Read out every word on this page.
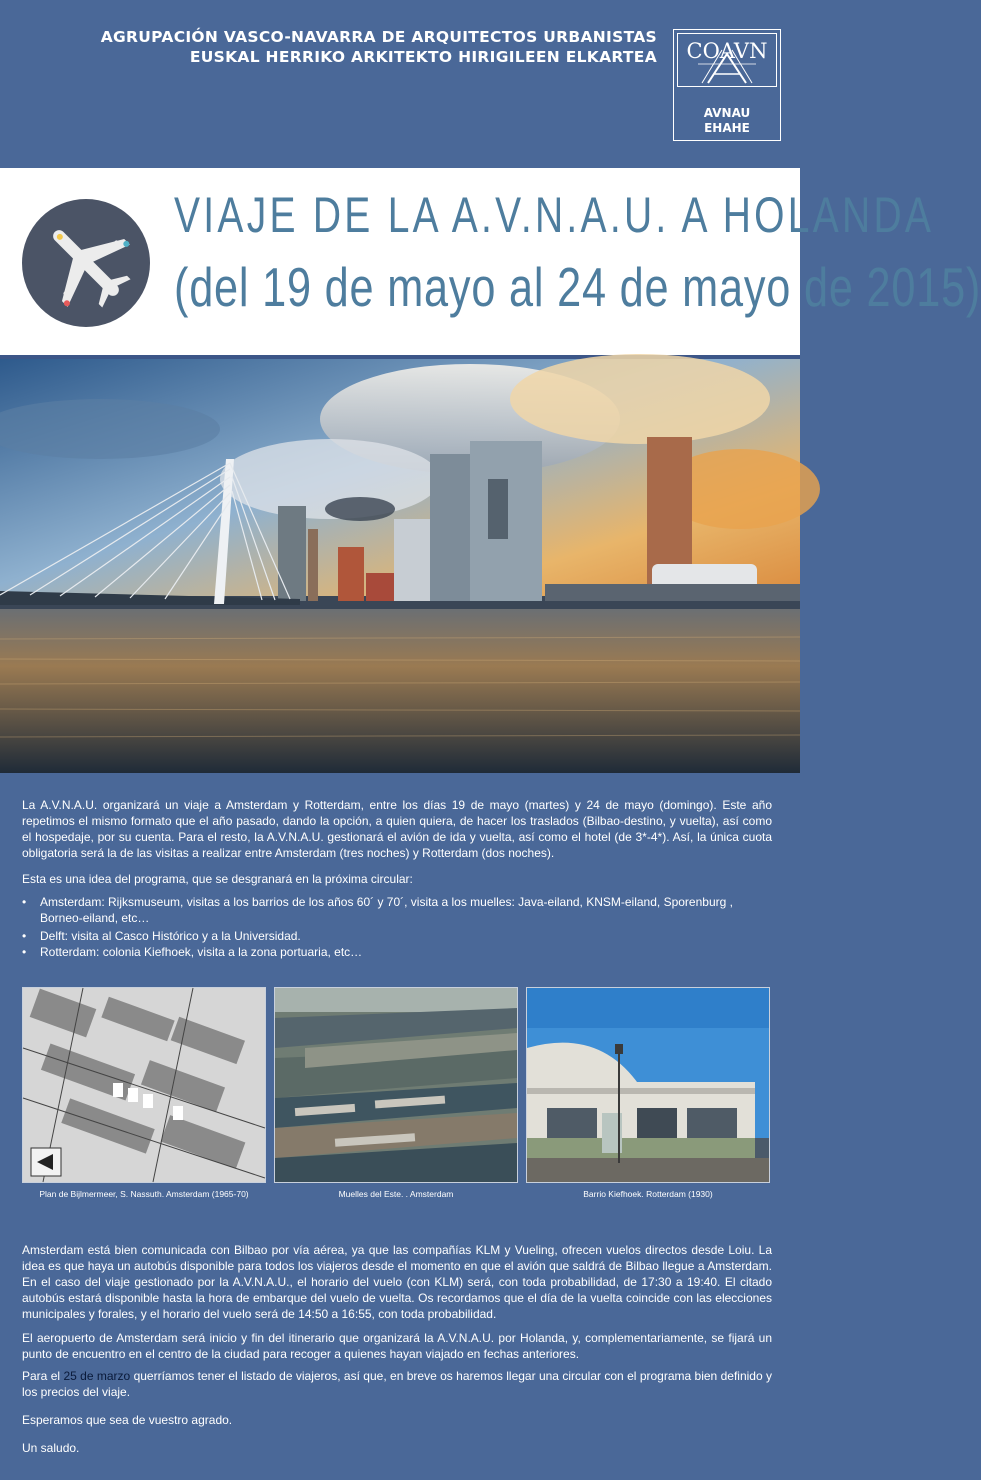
AGRUPACIÓN VASCO-NAVARRA DE ARQUITECTOS URBANISTAS
EUSKAL HERRIKO ARKITEKTO HIRIGILEEN ELKARTEA COAVN
AVNAU
EHAHE
VIAJE DE LA A.V.N.A.U. A HOLANDA
(del 19 de mayo al 24 de mayo de 2015)
La A.V.N.A.U. organizará un viaje a Amsterdam y Rotterdam, entre los días 19 de mayo (martes) y 24 de mayo (domingo). Este año repetimos el mismo formato que el año pasado, dando la opción, a quien quiera, de hacer los traslados (Bilbao-destino, y vuelta), así como el hospedaje, por su cuenta. Para el resto, la A.V.N.A.U. gestionará el avión de ida y vuelta, así como el hotel (de 3*-4*). Así, la única cuota obligatoria será la de las visitas a realizar entre Amsterdam (tres noches) y Rotterdam (dos noches).
Esta es una idea del programa, que se desgranará en la próxima circular:
• Amsterdam: Rijksmuseum, visitas a los barrios de los años 60´ y 70´, visita a los muelles: Java-eiland, KNSM-eiland, Sporenburg , Borneo-eiland, etc…
• Delft: visita al Casco Histórico y a la Universidad.
• Rotterdam: colonia Kiefhoek, visita a la zona portuaria, etc…
Plan de Bijlmermeer, S. Nassuth. Amsterdam (1965-70)	Muelles del Este. . Amsterdam	Barrio Kiefhoek. Rotterdam (1930)
Amsterdam está bien comunicada con Bilbao por vía aérea, ya que las compañías KLM y Vueling, ofrecen vuelos directos desde Loiu. La idea es que haya un autobús disponible para todos los viajeros desde el momento en que el avión que saldrá de Bilbao llegue a Amsterdam. En el caso del viaje gestionado por la A.V.N.A.U., el horario del vuelo (con KLM) será, con toda probabilidad, de 17:30 a 19:40. El citado autobús estará disponible hasta la hora de embarque del vuelo de vuelta. Os recordamos que el día de la vuelta coincide con las elecciones municipales y forales, y el horario del vuelo será de 14:50 a 16:55, con toda probabilidad.
El aeropuerto de Amsterdam será inicio y fin del itinerario que organizará la A.V.N.A.U. por Holanda, y, complementariamente, se fijará un punto de encuentro en el centro de la ciudad para recoger a quienes hayan viajado en fechas anteriores.
Para el 25 de marzo querríamos tener el listado de viajeros, así que, en breve os haremos llegar una circular con el programa bien definido y los precios del viaje.
Esperamos que sea de vuestro agrado.
Un saludo.
